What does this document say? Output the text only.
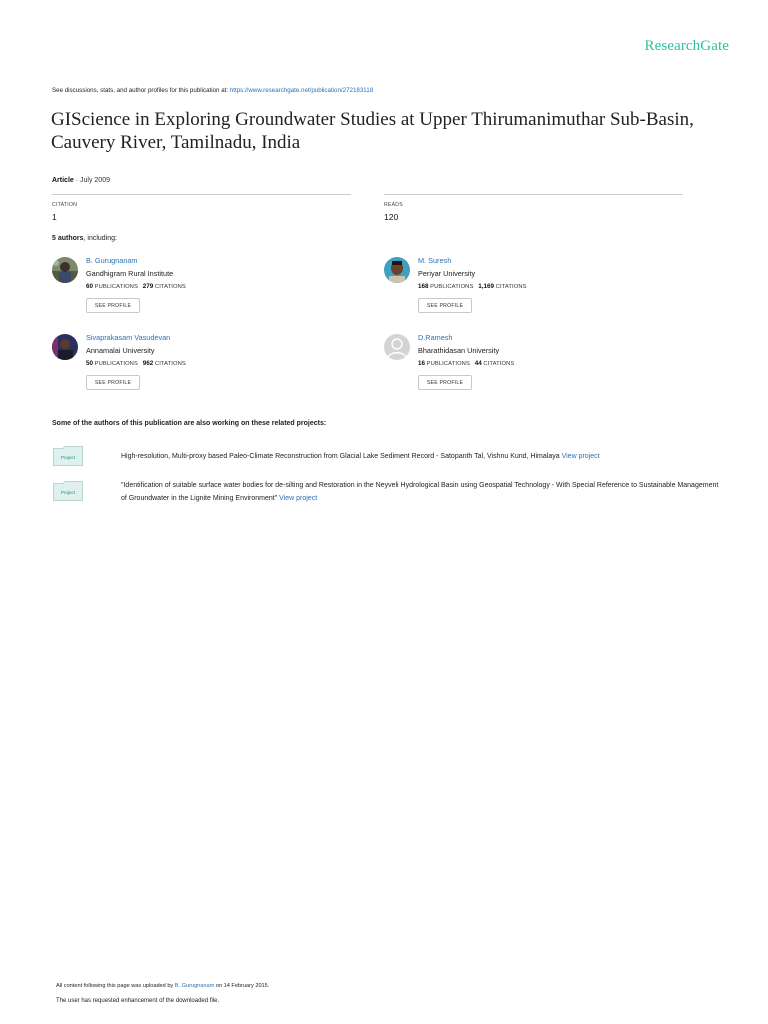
ResearchGate
See discussions, stats, and author profiles for this publication at: https://www.researchgate.net/publication/272183118
GIScience in Exploring Groundwater Studies at Upper Thirumanimuthar Sub-Basin, Cauvery River, Tamilnadu, India
Article · July 2009
CITATION
1
READS
120
5 authors, including:
B. Gurugnanam
Gandhigram Rural Institute
60 PUBLICATIONS 279 CITATIONS
SEE PROFILE
M. Suresh
Periyar University
168 PUBLICATIONS 1,169 CITATIONS
SEE PROFILE
Sivaprakasam Vasudevan
Annamalai University
50 PUBLICATIONS 962 CITATIONS
SEE PROFILE
D.Ramesh
Bharathidasan University
16 PUBLICATIONS 44 CITATIONS
SEE PROFILE
Some of the authors of this publication are also working on these related projects:
Project	High-resolution, Multi-proxy based Paleo-Climate Reconstruction from Glacial Lake Sediment Record - Satopanth Tal, Vishnu Kund, Himalaya View project
Project
"Identification of suitable surface water bodies for de-silting and Restoration in the Neyveli Hydrological Basin using Geospatial Technology - With Special Reference to Sustainable Management of Groundwater in the Lignite Mining Environment" View project
All content following this page was uploaded by B. Gurugnanam on 14 February 2015.
The user has requested enhancement of the downloaded file.
